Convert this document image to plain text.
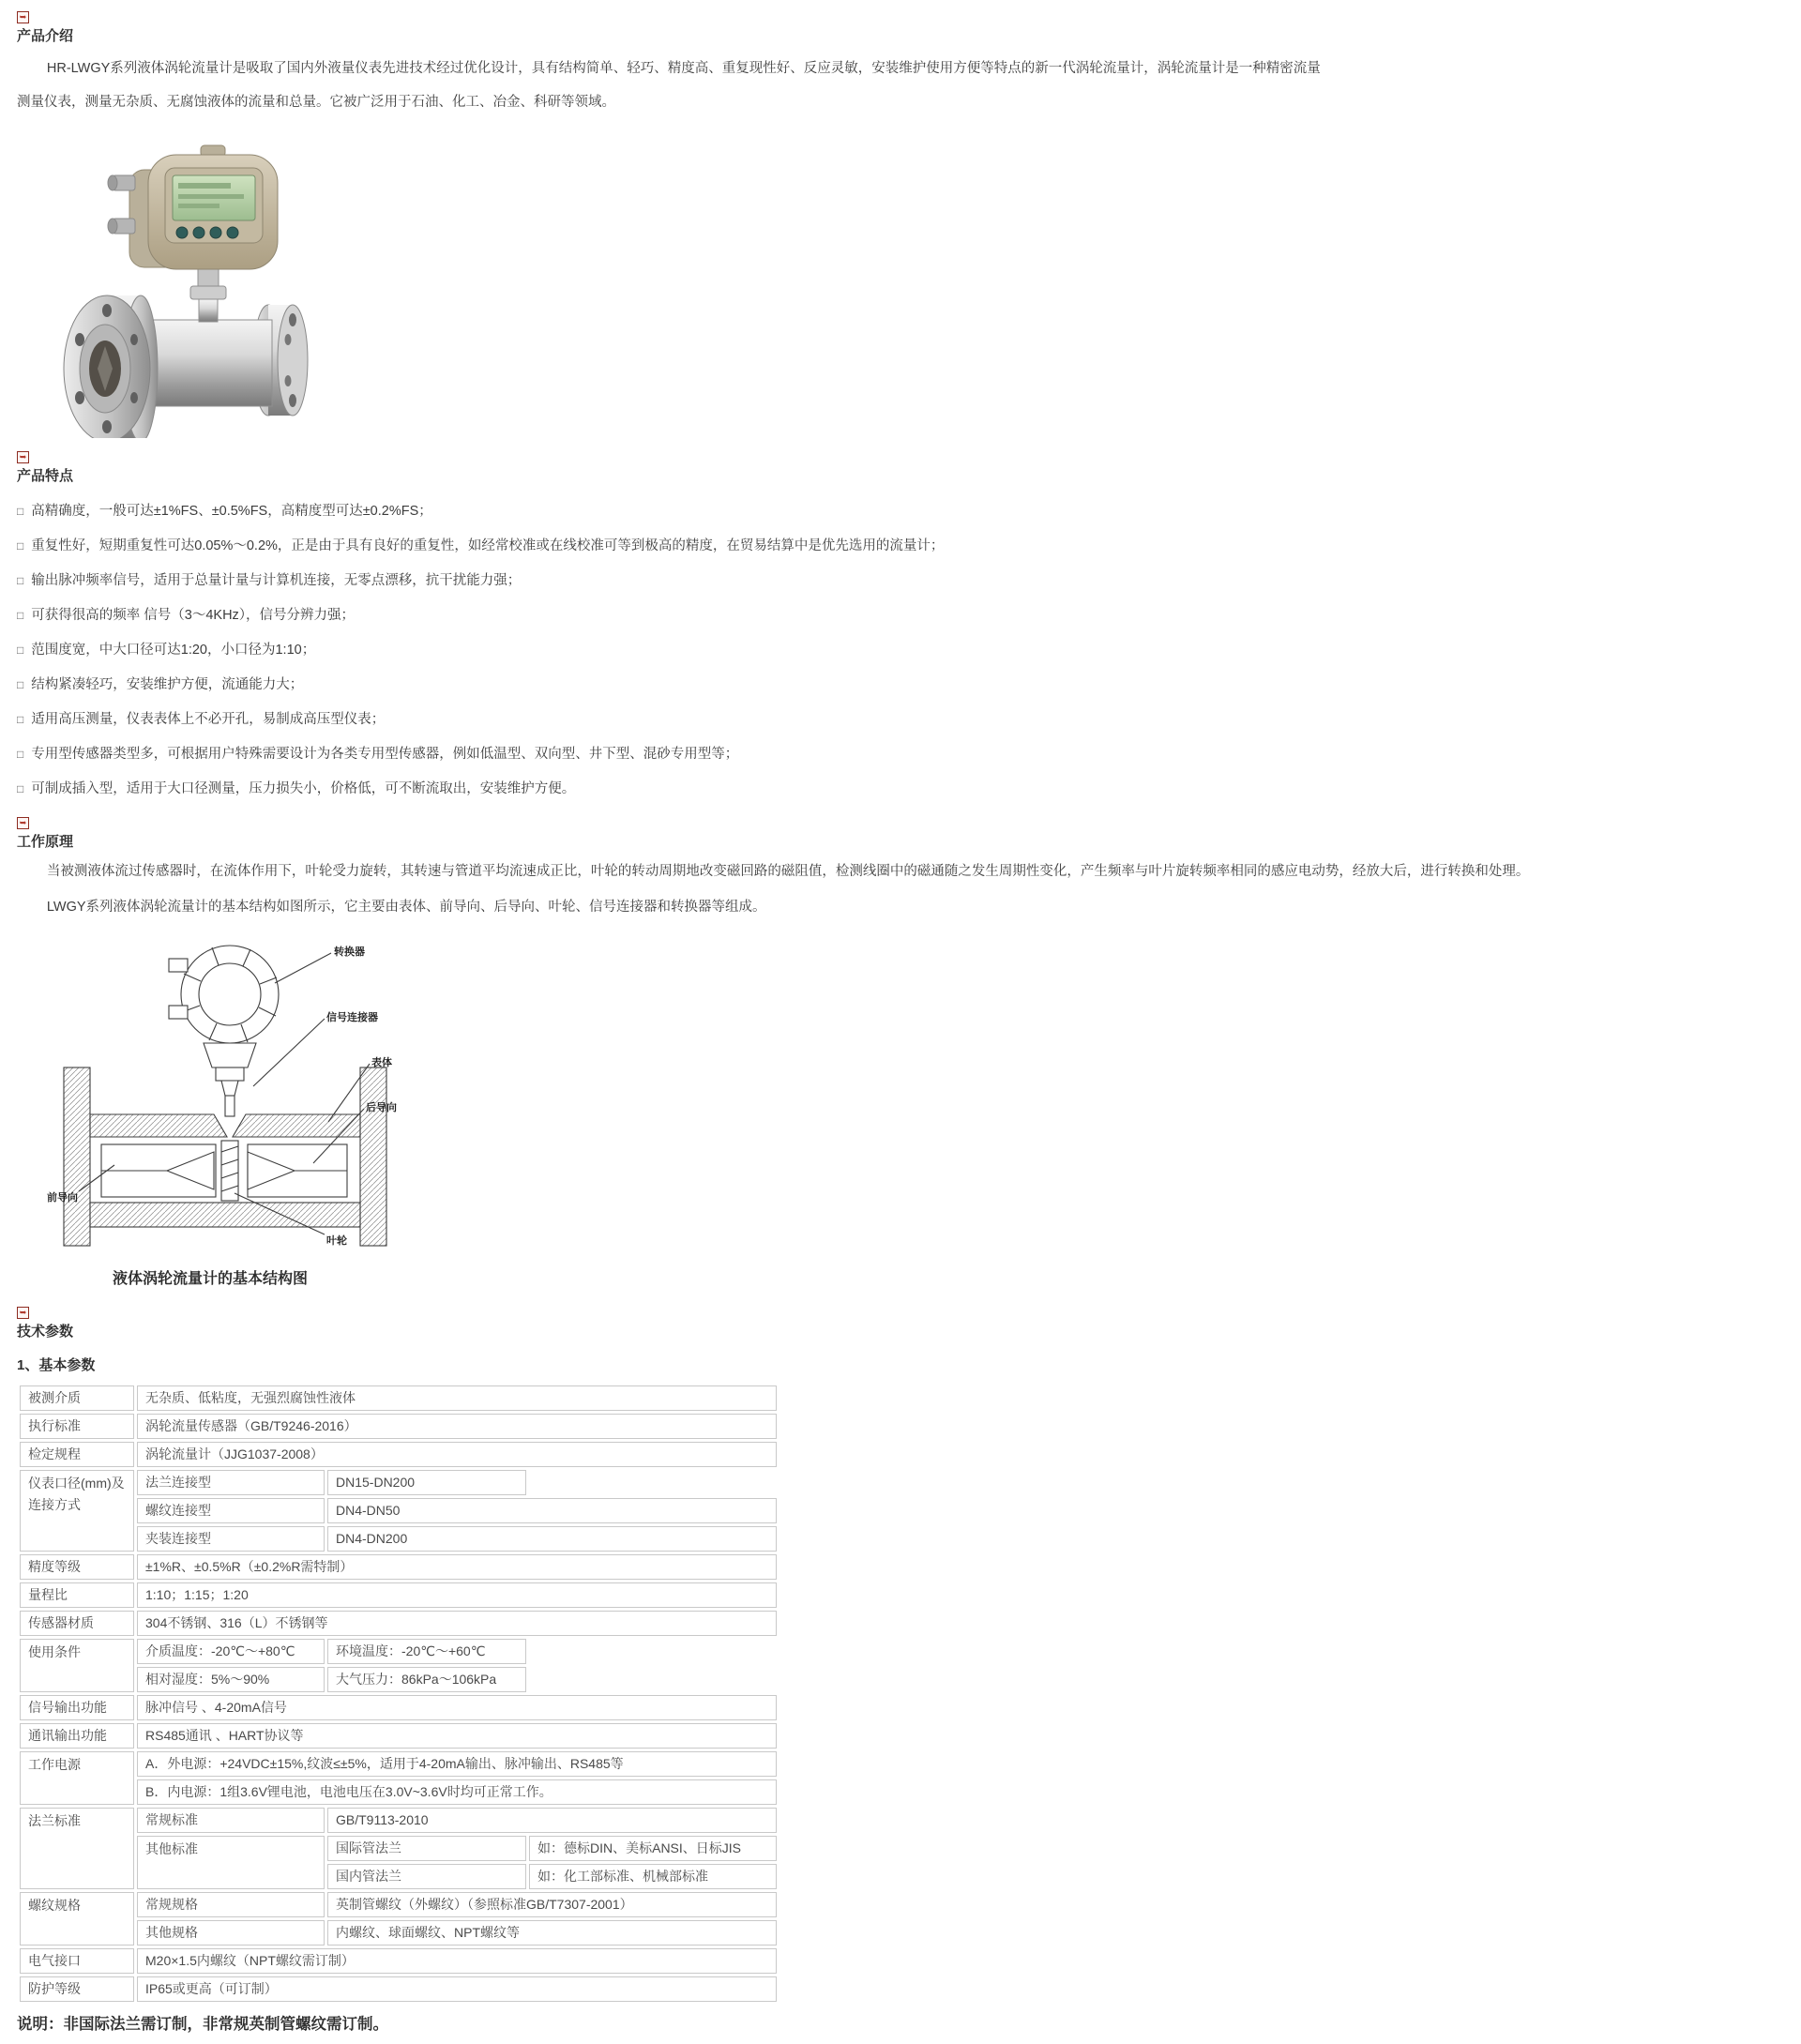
➥
产品介绍

HR-LWGY系列液体涡轮流量计是吸取了国内外液量仪表先进技术经过优化设计，具有结构简单、轻巧、精度高、重复现性好、反应灵敏，安装维护使用方便等特点的新一代涡轮流量计，涡轮流量计是一种精密流量测量仪表，测量无杂质、无腐蚀液体的流量和总量。它被广泛用于石油、化工、冶金、科研等领域。

➥
产品特点
□ 高精确度，一般可达±1%FS、±0.5%FS，高精度型可达±0.2%FS；
□ 重复性好，短期重复性可达0.05%～0.2%，正是由于具有良好的重复性，如经常校准或在线校准可等到极高的精度，在贸易结算中是优先选用的流量计；
□ 输出脉冲频率信号，适用于总量计量与计算机连接，无零点漂移，抗干扰能力强；
□ 可获得很高的频率 信号（3～4KHz），信号分辨力强；
□ 范围度宽，中大口径可达1:20，小口径为1:10；
□ 结构紧凑轻巧，安装维护方便，流通能力大；
□ 适用高压测量，仪表表体上不必开孔，易制成高压型仪表；
□ 专用型传感器类型多，可根据用户特殊需要设计为各类专用型传感器，例如低温型、双向型、井下型、混砂专用型等；
□ 可制成插入型，适用于大口径测量，压力损失小，价格低，可不断流取出，安装维护方便。
➥
工作原理

当被测液体流过传感器时，在流体作用下，叶轮受力旋转，其转速与管道平均流速成正比，叶轮的转动周期地改变磁回路的磁阻值，检测线圈中的磁通随之发生周期性变化，产生频率与叶片旋转频率相同的感应电动势，经放大后，进行转换和处理。

LWGY系列液体涡轮流量计的基本结构如图所示，它主要由表体、前导向、后导向、叶轮、信号连接器和转换器等组成。

转换器
信号连接器
表体
后导向
前导向
叶轮
液体涡轮流量计的基本结构图
➥
技术参数
1、基本参数
被测介质	无杂质、低粘度，无强烈腐蚀性液体		
执行标准	涡轮流量传感器（GB/T9246-2016）		
检定规程	涡轮流量计（JJG1037-2008）		
仪表口径(mm)及连接方式	法兰连接型	DN15-DN200	
	螺纹连接型	DN4-DN50	
	夹装连接型	DN4-DN200	
精度等级	±1%R、±0.5%R（±0.2%R需特制）		
量程比	1:10；1:15；1:20		
传感器材质	304不锈钢、316（L）不锈钢等		
使用条件	介质温度：-20℃～+80℃	环境温度：-20℃～+60℃	
	相对湿度：5%～90%	大气压力：86kPa～106kPa	
信号输出功能	脉冲信号 、4-20mA信号		
通讯输出功能	RS485通讯 、HART协议等		
工作电源	A．外电源：+24VDC±15%,纹波≤±5%，适用于4-20mA输出、脉冲输出、RS485等		
	B．内电源：1组3.6V锂电池，电池电压在3.0V~3.6V时均可正常工作。		
法兰标准	常规标准	GB/T9113-2010	
	其他标准	国际管法兰	如：德标DIN、美标ANSI、日标JIS
		国内管法兰	如：化工部标准、机械部标准
螺纹规格	常规规格	英制管螺纹（外螺纹）（参照标准GB/T7307-2001）	
	其他规格	内螺纹、球面螺纹、NPT螺纹等	
电气接口	M20×1.5内螺纹（NPT螺纹需订制）		
防护等级	IP65或更高（可订制）		
说明：非国际法兰需订制，非常规英制管螺纹需订制。
